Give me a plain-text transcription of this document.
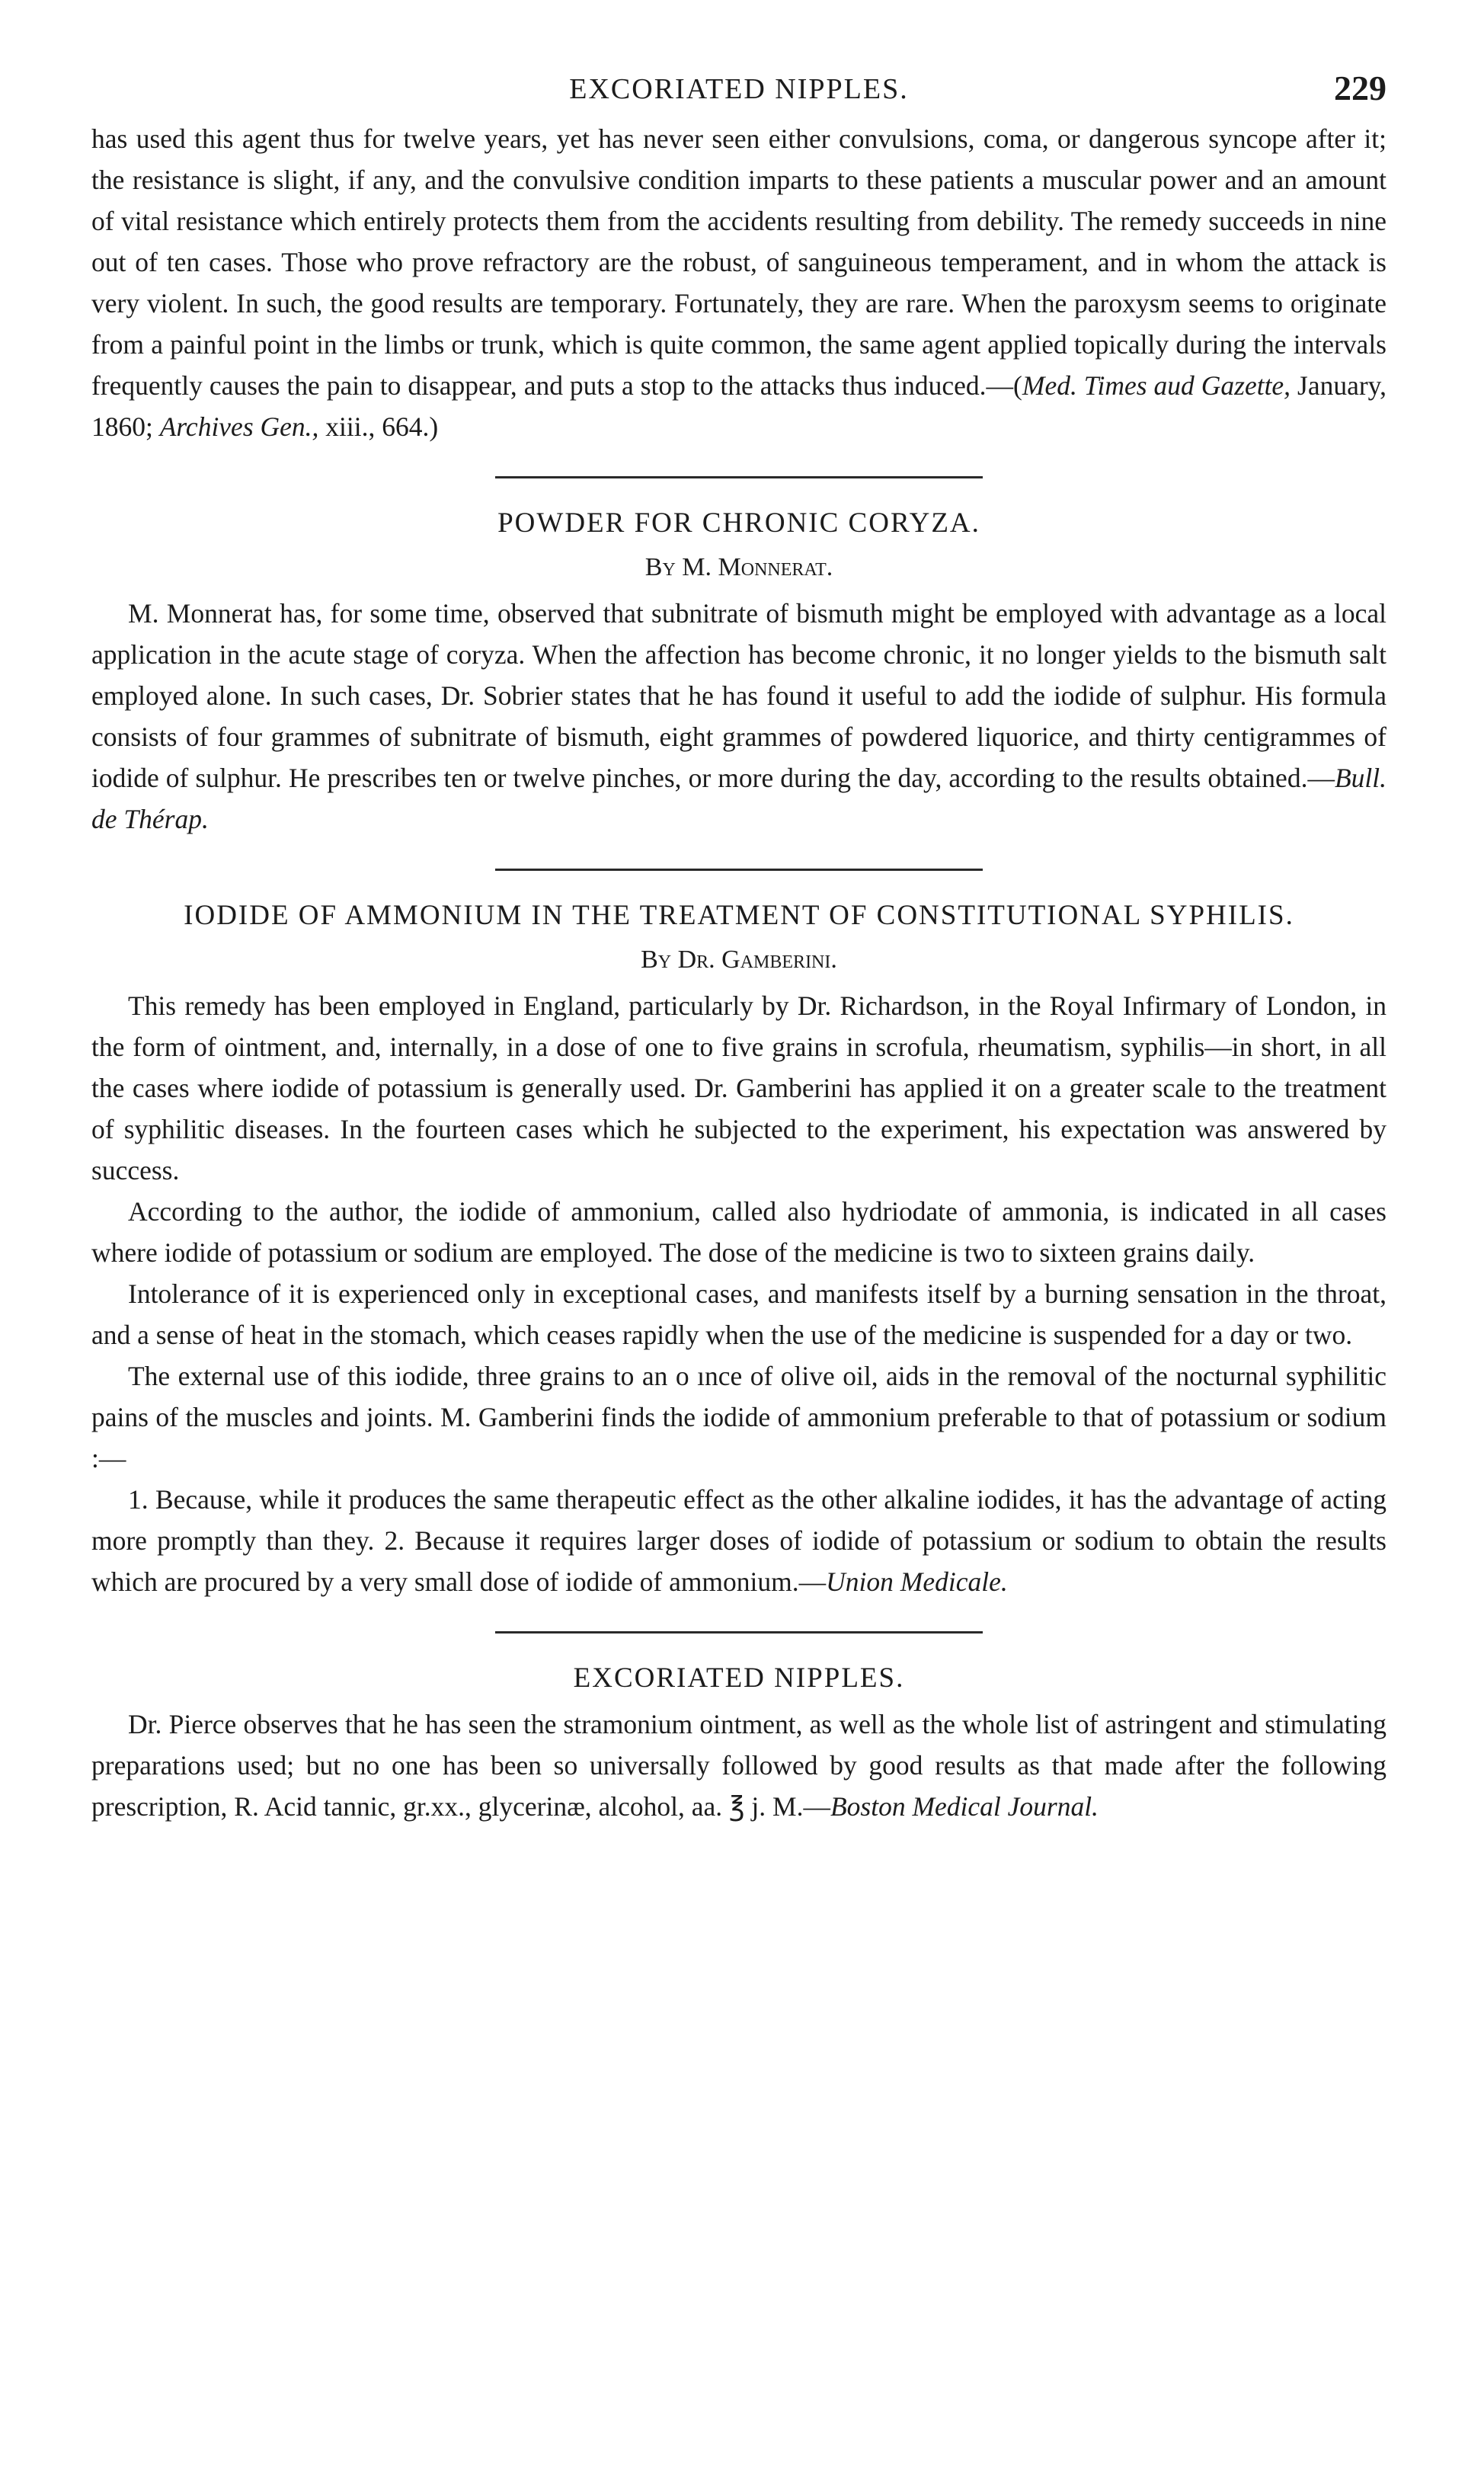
EXCORIATED NIPPLES.	229

has used this agent thus for twelve years, yet has never seen either convulsions, coma, or dangerous syncope after it; the resistance is slight, if any, and the convulsive condition imparts to these patients a muscular power and an amount of vital resistance which entirely protects them from the accidents resulting from debility. The remedy succeeds in nine out of ten cases. Those who prove refractory are the robust, of sanguineous temperament, and in whom the attack is very violent. In such, the good results are temporary. Fortunately, they are rare. When the paroxysm seems to originate from a painful point in the limbs or trunk, which is quite common, the same agent applied topically during the intervals frequently causes the pain to disappear, and puts a stop to the attacks thus induced.—(Med. Times aud Gazette, January, 1860; Archives Gen., xiii., 664.)

POWDER FOR CHRONIC CORYZA.
By M. Monnerat.

M. Monnerat has, for some time, observed that subnitrate of bismuth might be employed with advantage as a local application in the acute stage of coryza. When the affection has become chronic, it no longer yields to the bismuth salt employed alone. In such cases, Dr. Sobrier states that he has found it useful to add the iodide of sulphur. His formula consists of four grammes of subnitrate of bismuth, eight grammes of powdered liquorice, and thirty centigrammes of iodide of sulphur. He prescribes ten or twelve pinches, or more during the day, according to the results obtained.—Bull. de Thérap.

IODIDE OF AMMONIUM IN THE TREATMENT OF CONSTITUTIONAL SYPHILIS.
By Dr. Gamberini.

This remedy has been employed in England, particularly by Dr. Richardson, in the Royal Infirmary of London, in the form of ointment, and, internally, in a dose of one to five grains in scrofula, rheumatism, syphilis—in short, in all the cases where iodide of potassium is generally used. Dr. Gamberini has applied it on a greater scale to the treatment of syphilitic diseases. In the fourteen cases which he subjected to the experiment, his expectation was answered by success.

According to the author, the iodide of ammonium, called also hydriodate of ammonia, is indicated in all cases where iodide of potassium or sodium are employed. The dose of the medicine is two to sixteen grains daily.

Intolerance of it is experienced only in exceptional cases, and manifests itself by a burning sensation in the throat, and a sense of heat in the stomach, which ceases rapidly when the use of the medicine is suspended for a day or two.

The external use of this iodide, three grains to an o ınce of olive oil, aids in the removal of the nocturnal syphilitic pains of the muscles and joints. M. Gamberini finds the iodide of ammonium preferable to that of potassium or sodium :—

1. Because, while it produces the same therapeutic effect as the other alkaline iodides, it has the advantage of acting more promptly than they. 2. Because it requires larger doses of iodide of potassium or sodium to obtain the results which are procured by a very small dose of iodide of ammonium.—Union Medicale.

EXCORIATED NIPPLES.

Dr. Pierce observes that he has seen the stramonium ointment, as well as the whole list of astringent and stimulating preparations used; but no one has been so universally followed by good results as that made after the following prescription, R. Acid tannic, gr.xx., glycerinæ, alcohol, aa. ℥ j. M.—Boston Medical Journal.
